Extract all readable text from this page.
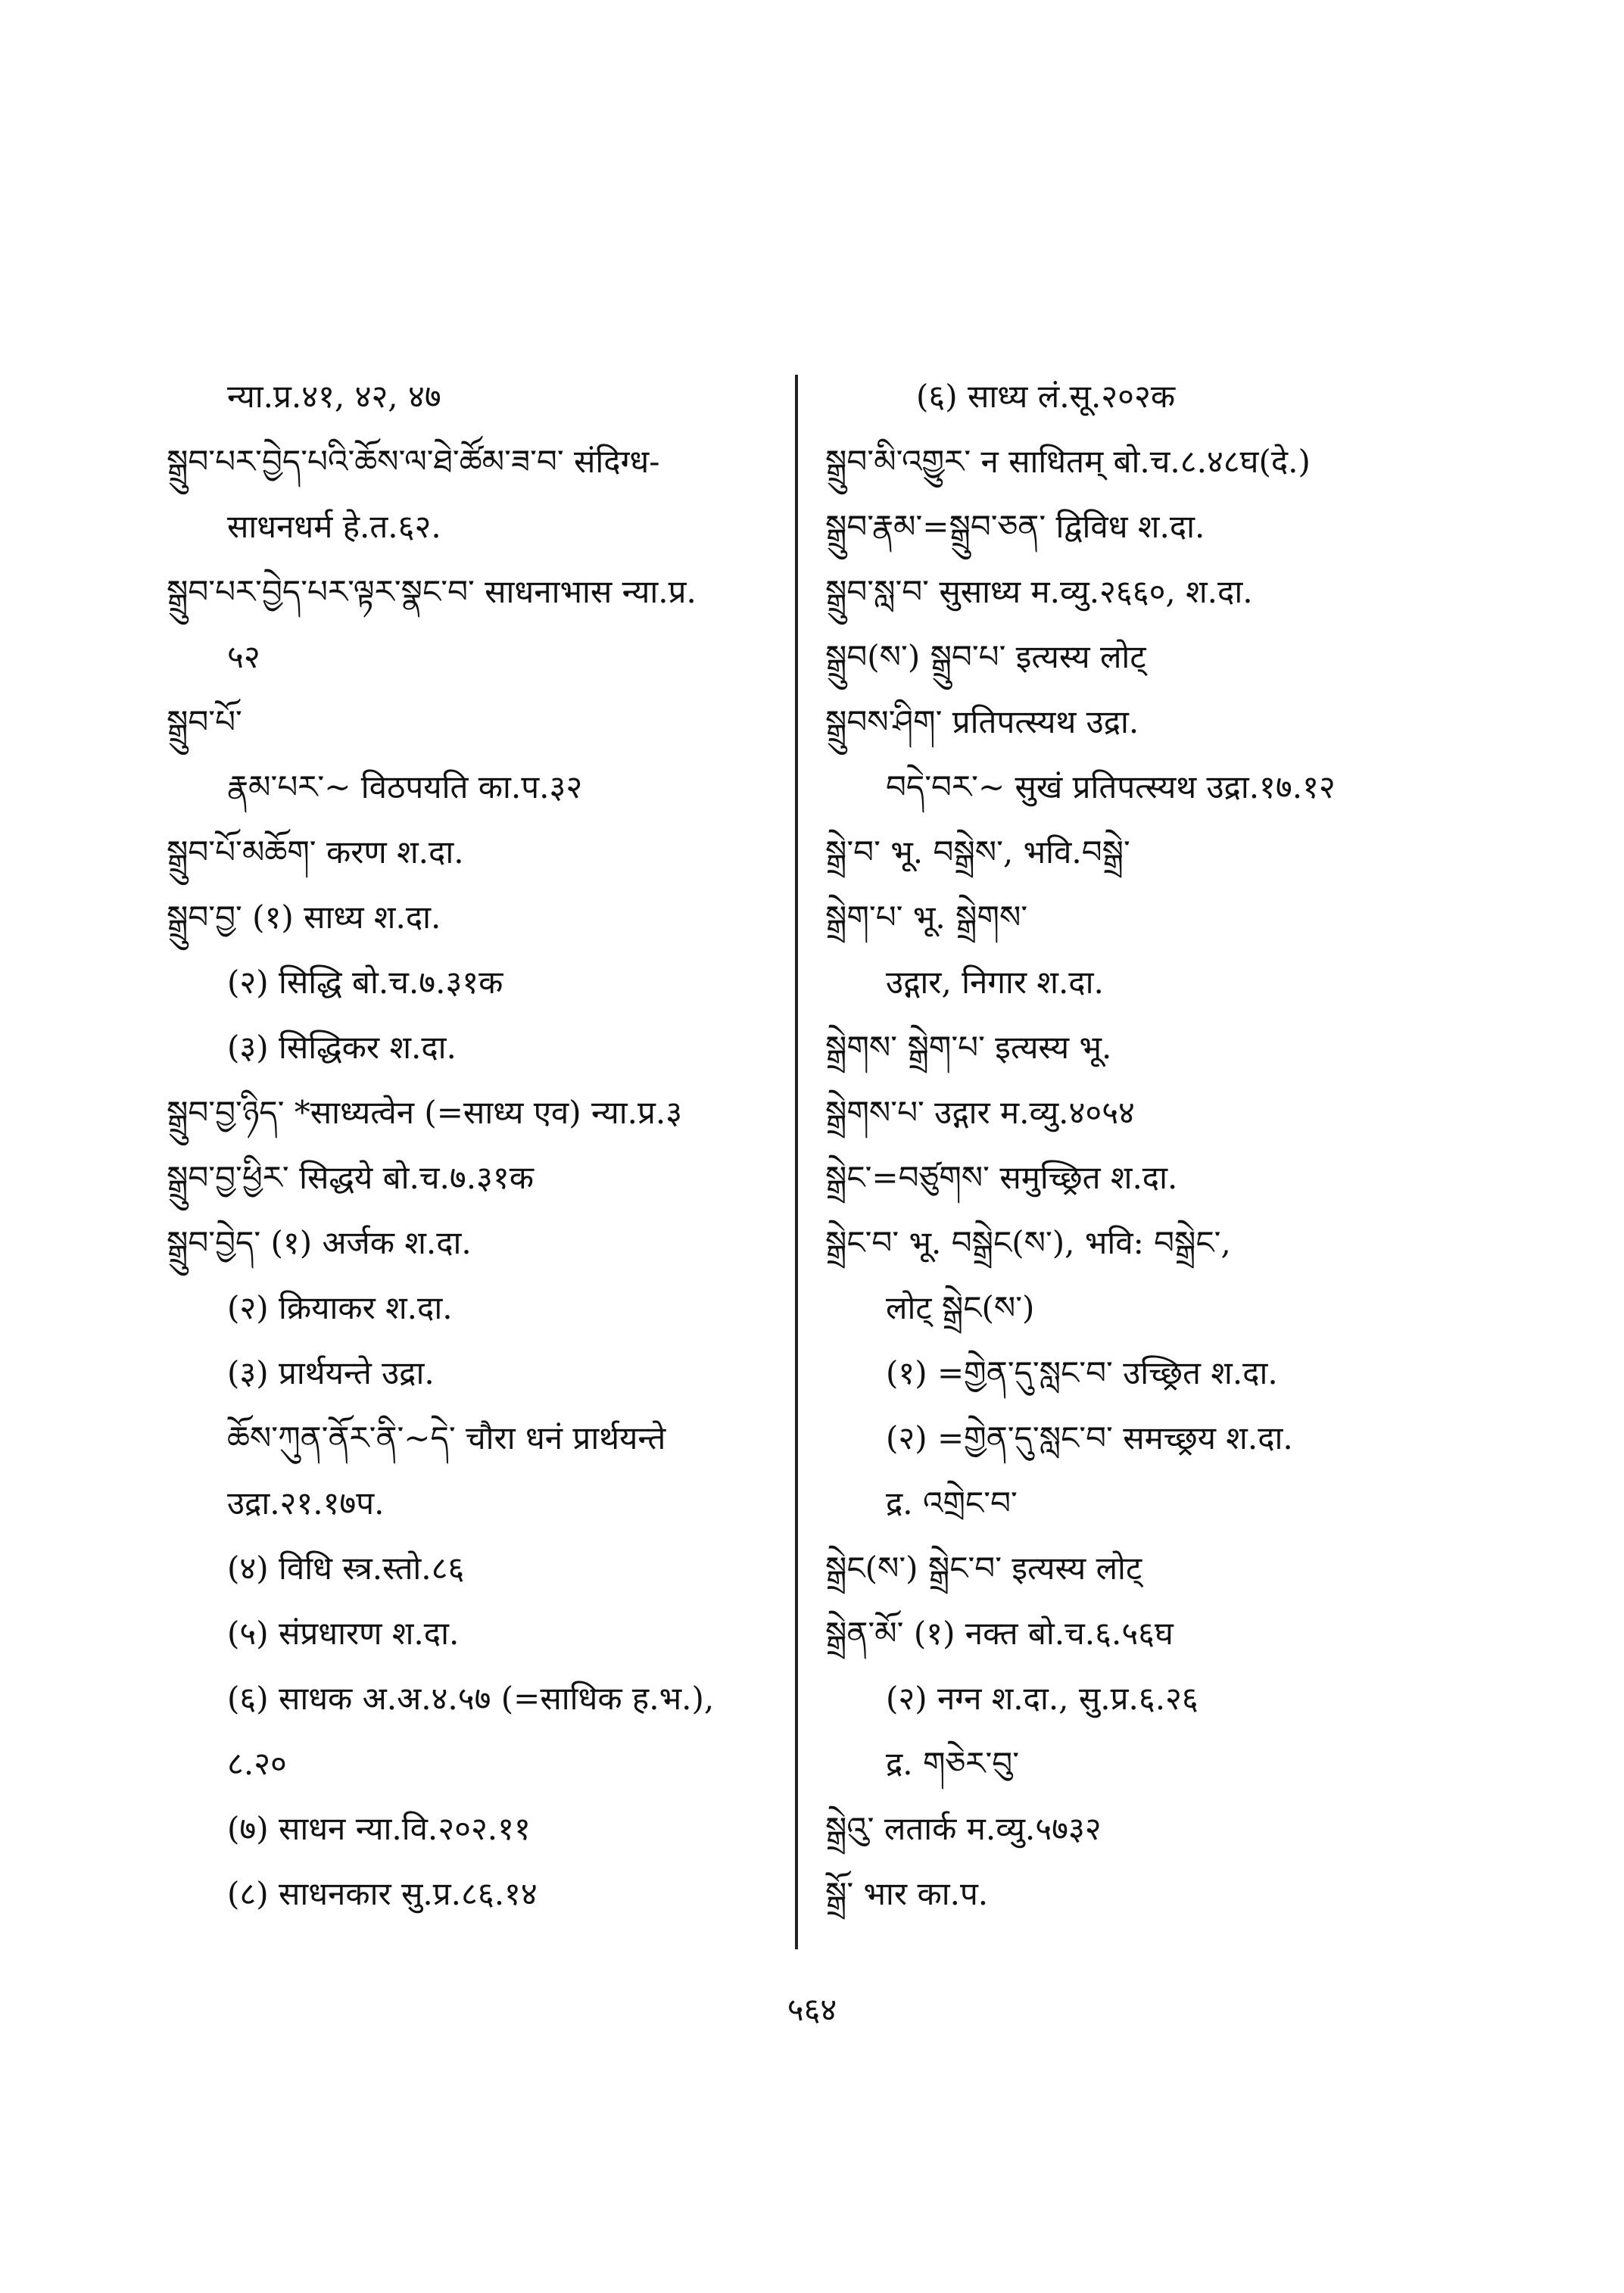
न्या.प्र.४१, ४२, ४७
སྒྲུབ་པར་བྱེད་པའི་ཆོས་ལ་ཐེ་ཚོམ་ཟ་བ་ संदिग्ध-
साधनधर्म हे.त.६२.
སྒྲུབ་པར་བྱེད་པར་ལྟར་སྣང་བ་ साधनाभास न्या.प्र.
५२
སྒྲུབ་པོ་
རྣམ་པར་~ विठपयति का.प.३२
སྒྲུབ་པོ་མཆོག་ करण श.दा.
སྒྲུབ་བྱ་ (१) साध्य श.दा.
(२) सिद्धि बो.च.७.३१क
(३) सिद्धिकर श.दा.
སྒྲུབ་བྱ་ཉིད་ *साध्यत्वेन (=साध्य एव) न्या.प्र.३
སྒྲུབ་བྱ་ཕྱིར་ सिद्धये बो.च.७.३१क
སྒྲུབ་བྱེད་ (१) अर्जक श.दा.
(२) क्रियाकर श.दा.
(३) प्रार्थयन्ते उद्रा.
ཆོས་ཀུན་ནོར་ནི་~དེ་ चौरा धनं प्रार्थयन्ते
उद्रा.२१.१७प.
(४) विधि स्त्र.स्तो.८६
(५) संप्रधारण श.दा.
(६) साधक अ.अ.४.५७ (=साधिक ह.भ.),
८.२०
(७) साधन न्या.वि.२०२.११
(८) साधनकार सु.प्र.८६.१४
(६) साध्य लं.सू.२०२क
སྒྲུབ་མི་འགྱུར་ न साधितम् बो.च.८.४८घ(दे.)
སྒྲུབ་རྣམ་=སྒྲུབ་ཅན་ द्विविध श.दा.
སྒྲུབ་སླ་བ་ सुसाध्य म.व्यु.२६६०, श.दा.
སྒྲུབ(ས་) སྒྲུབ་པ་ इत्यस्य लोट्
སྒྲུབས་ཤིག་ प्रतिपत्स्यथ उद्रा.
བདེ་བར་~ सुखं प्रतिपत्स्यथ उद्रा.१७.१२
སྒྲེ་བ་ भू. བསྒྲེས་, भवि.བསྒྲེ་
སྒྲེག་པ་ भू. སྒྲེགས་
उद्गार, निगार श.दा.
སྒྲེགས་ སྒྲེག་པ་ इत्यस्य भू.
སྒྲེགས་པ་ उद्गार म.व्यु.४०५४
སྒྲེང་=བཙུགས་ समुच्छ्रित श.दा.
སྒྲེང་བ་ भू. བསྒྲེང(ས་), भवि: བསྒྲེང་,
लोट् སྒྲེང(ས་)
(१) =གྱེན་དུ་སླང་བ་ उच्छ्रित श.दा.
(२) =གྱེན་དུ་སླང་བ་ समच्छ्रय श.दा.
द्र. འགྲེང་བ་
སྒྲེང(ས་) སྒྲེང་བ་ इत्यस्य लोट्
སྒྲེན་མོ་ (१) नक्त बो.च.६.५६घ
(२) नग्न श.दा., सु.प्र.६.२६
द्र. གཅེར་བུ་
སྒྲེའུ་ लतार्क म.व्यु.५७३२
སྒྲོ་ भार का.प.
५६४
